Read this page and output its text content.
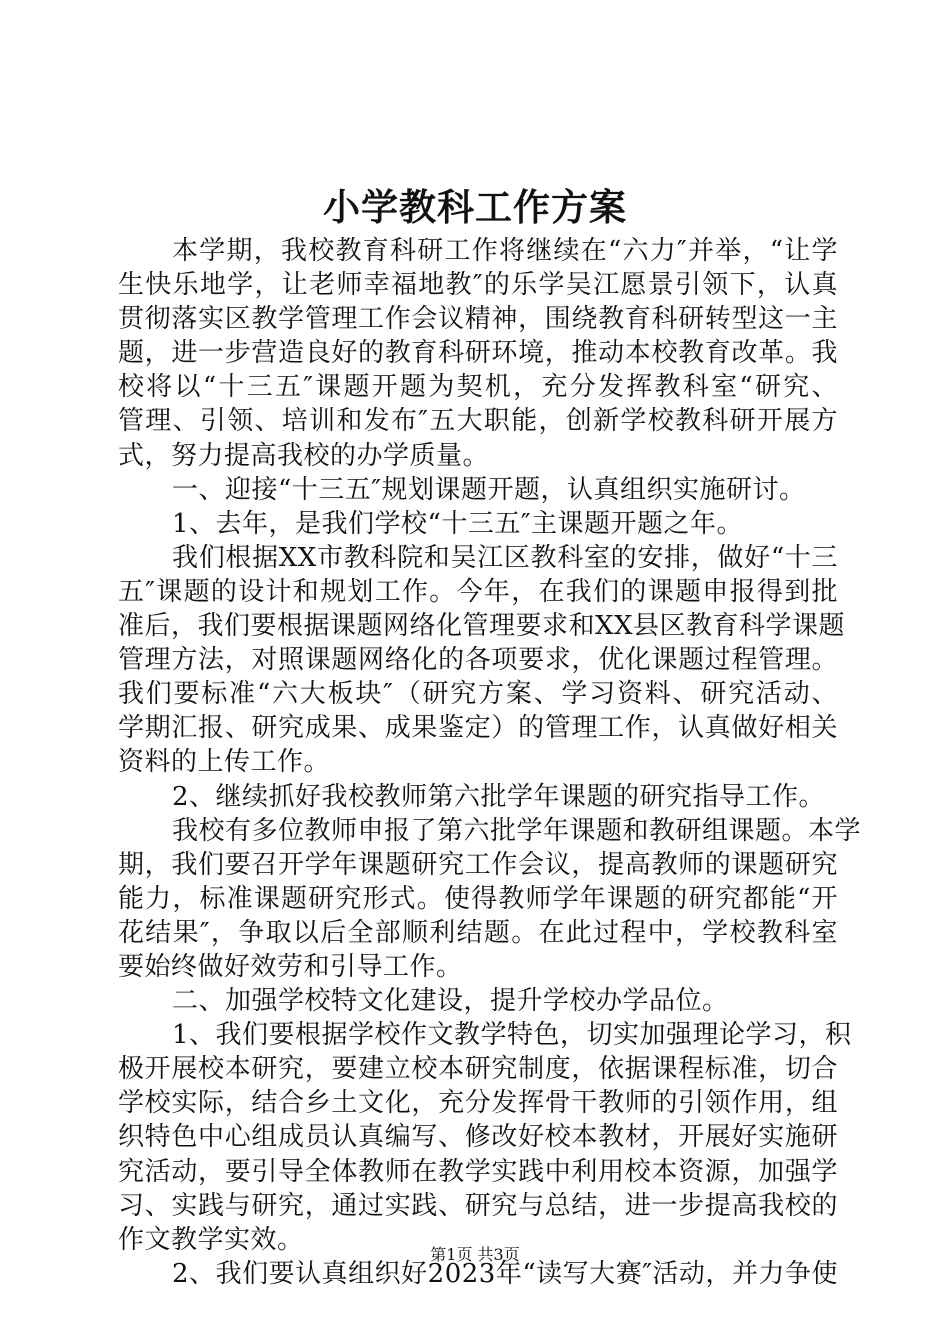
小学教科工作方案
本学期，我校教育科研工作将继续在“六力″并举，“让学
生快乐地学，让老师幸福地教″的乐学吴江愿景引领下，认真
贯彻落实区教学管理工作会议精神，围绕教育科研转型这一主
题，进一步营造良好的教育科研环境，推动本校教育改革。我
校将以“十三五″课题开题为契机，充分发挥教科室“研究、
管理、引领、培训和发布″五大职能，创新学校教科研开展方
式，努力提高我校的办学质量。
一、迎接“十三五″规划课题开题，认真组织实施研讨。
1、去年，是我们学校“十三五″主课题开题之年。
我们根据XX市教科院和吴江区教科室的安排，做好“十三
五″课题的设计和规划工作。今年，在我们的课题申报得到批
准后，我们要根据课题网络化管理要求和XX县区教育科学课题
管理方法，对照课题网络化的各项要求，优化课题过程管理。
我们要标准“六大板块″（研究方案、学习资料、研究活动、
学期汇报、研究成果、成果鉴定）的管理工作，认真做好相关
资料的上传工作。
2、继续抓好我校教师第六批学年课题的研究指导工作。
我校有多位教师申报了第六批学年课题和教研组课题。本学
期，我们要召开学年课题研究工作会议，提高教师的课题研究
能力，标准课题研究形式。使得教师学年课题的研究都能“开
花结果″，争取以后全部顺利结题。在此过程中，学校教科室
要始终做好效劳和引导工作。
二、加强学校特文化建设，提升学校办学品位。
1、我们要根据学校作文教学特色，切实加强理论学习，积
极开展校本研究，要建立校本研究制度，依据课程标准，切合
学校实际，结合乡土文化，充分发挥骨干教师的引领作用，组
织特色中心组成员认真编写、修改好校本教材，开展好实施研
究活动，要引导全体教师在教学实践中利用校本资源，加强学
习、实践与研究，通过实践、研究与总结，进一步提高我校的
作文教学实效。
2、我们要认真组织好2023年“读写大赛″活动，并力争使
第1页 共3页
